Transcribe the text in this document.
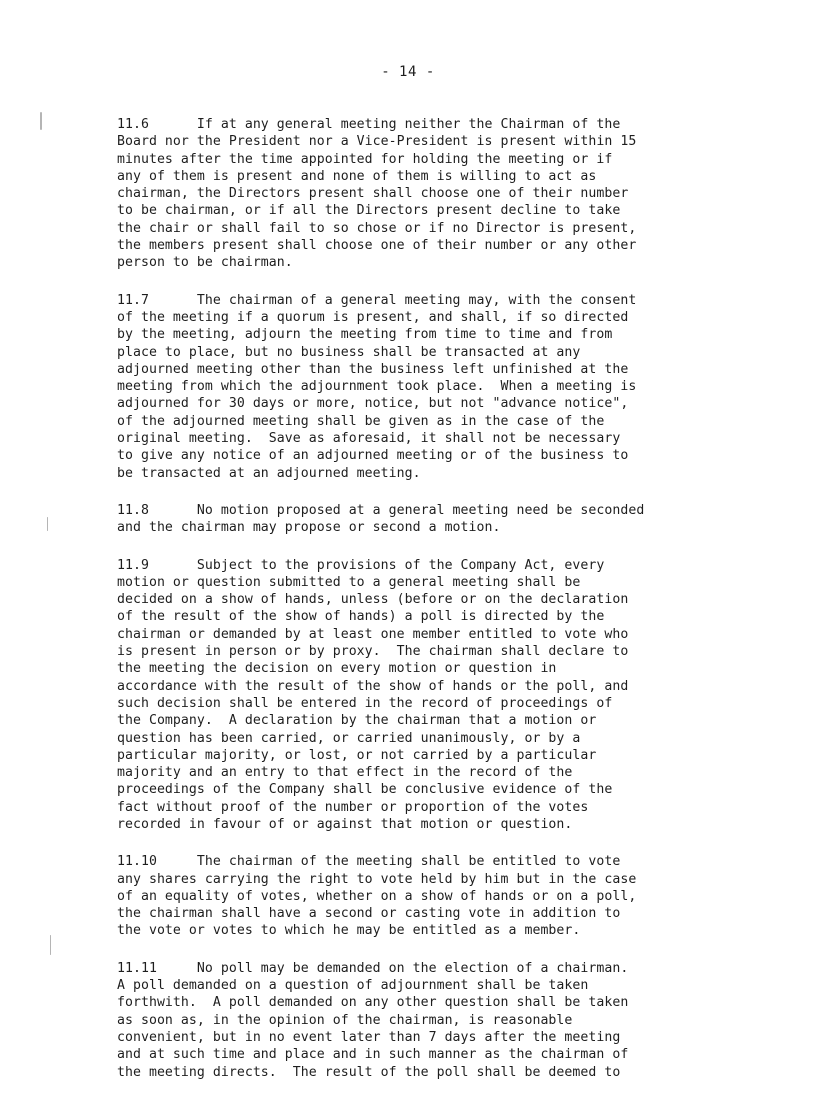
- 14 -
11.6      If at any general meeting neither the Chairman of the
Board nor the President nor a Vice-President is present within 15
minutes after the time appointed for holding the meeting or if
any of them is present and none of them is willing to act as
chairman, the Directors present shall choose one of their number
to be chairman, or if all the Directors present decline to take
the chair or shall fail to so chose or if no Director is present,
the members present shall choose one of their number or any other
person to be chairman.
11.7      The chairman of a general meeting may, with the consent
of the meeting if a quorum is present, and shall, if so directed
by the meeting, adjourn the meeting from time to time and from
place to place, but no business shall be transacted at any
adjourned meeting other than the business left unfinished at the
meeting from which the adjournment took place.  When a meeting is
adjourned for 30 days or more, notice, but not "advance notice",
of the adjourned meeting shall be given as in the case of the
original meeting.  Save as aforesaid, it shall not be necessary
to give any notice of an adjourned meeting or of the business to
be transacted at an adjourned meeting.
11.8      No motion proposed at a general meeting need be seconded
and the chairman may propose or second a motion.
11.9      Subject to the provisions of the Company Act, every
motion or question submitted to a general meeting shall be
decided on a show of hands, unless (before or on the declaration
of the result of the show of hands) a poll is directed by the
chairman or demanded by at least one member entitled to vote who
is present in person or by proxy.  The chairman shall declare to
the meeting the decision on every motion or question in
accordance with the result of the show of hands or the poll, and
such decision shall be entered in the record of proceedings of
the Company.  A declaration by the chairman that a motion or
question has been carried, or carried unanimously, or by a
particular majority, or lost, or not carried by a particular
majority and an entry to that effect in the record of the
proceedings of the Company shall be conclusive evidence of the
fact without proof of the number or proportion of the votes
recorded in favour of or against that motion or question.
11.10     The chairman of the meeting shall be entitled to vote
any shares carrying the right to vote held by him but in the case
of an equality of votes, whether on a show of hands or on a poll,
the chairman shall have a second or casting vote in addition to
the vote or votes to which he may be entitled as a member.
11.11     No poll may be demanded on the election of a chairman.
A poll demanded on a question of adjournment shall be taken
forthwith.  A poll demanded on any other question shall be taken
as soon as, in the opinion of the chairman, is reasonable
convenient, but in no event later than 7 days after the meeting
and at such time and place and in such manner as the chairman of
the meeting directs.  The result of the poll shall be deemed to
